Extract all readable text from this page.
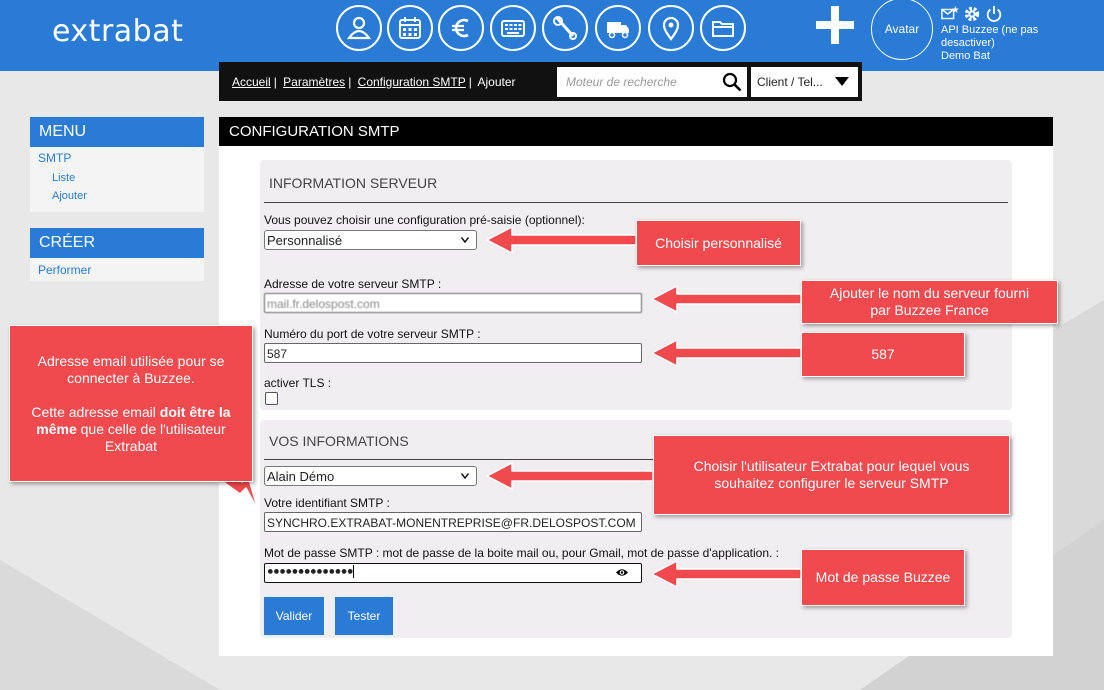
extrabat	Avatar	API Buzzee (ne pas
desactiver)
Demo Bat
Accueil | Paramètres | Configuration SMTP | Ajouter	Moteur de recherche	Client / Tel...
MENU
SMTP
Liste
Ajouter
CRÉER
Performer
CONFIGURATION SMTP
INFORMATION SERVEUR
Vous pouvez choisir une configuration pré-saisie (optionnel):
Personnalisé
Adresse de votre serveur SMTP :
mail.fr.delospost.com
Numéro du port de votre serveur SMTP :
587
activer TLS :
VOS INFORMATIONS
Alain Démo
Votre identifiant SMTP :
SYNCHRO.EXTRABAT-MONENTREPRISE@FR.DELOSPOST.COM
Mot de passe SMTP : mot de passe de la boite mail ou, pour Gmail, mot de passe d'application. :
●●●●●●●●●●●●●●
Valider	Tester
Choisir personnalisé
Ajouter le nom du serveur fourni
par Buzzee France
587
Adresse email utilisée pour se
connecter à Buzzee.
Cette adresse email doit être la
même que celle de l'utilisateur
Extrabat
Choisir l'utilisateur Extrabat pour lequel vous
souhaitez configurer le serveur SMTP
Mot de passe Buzzee
